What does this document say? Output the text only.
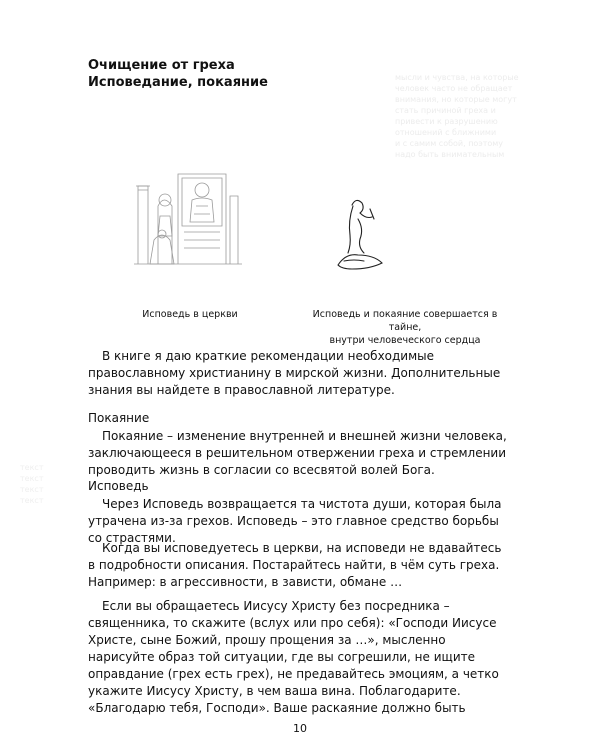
мысли и чувства, на которые
человек часто не обращает
внимания, но которые могут
стать причиной греха и
привести к разрушению
отношений с ближними
и с самим собой, поэтому
надо быть внимательным
текст
текст
текст
текст
Очищение от греха
Исповедание, покаяние
Исповедь в церкви	Исповедь и покаяние совершается в тайне,
внутри человеческого сердца

В книге я даю краткие рекомендации необходимые православному христианину в мирской жизни. Дополнительные знания вы найдете в православной литературе.

Покаяние

Покаяние – изменение внутренней и внешней жизни человека, заключающееся в решительном отвержении греха и стремлении проводить жизнь в согласии со всесвятой волей Бога.

Исповедь

Через Исповедь возвращается та чистота души, которая была утрачена из-за грехов. Исповедь – это главное средство борьбы со страстями.

Когда вы исповедуетесь в церкви, на исповеди не вдавайтесь в подробности описания. Постарайтесь найти, в чём суть греха. Например: в агрессивности, в зависти, обмане …

Если вы обращаетесь Иисусу Христу без посредника – священника, то скажите (вслух или про себя): «Господи Иисусе Христе, сыне Божий, прошу прощения за …», мысленно нарисуйте образ той ситуации, где вы согрешили, не ищите оправдание (грех есть грех), не предавайтесь эмоциям, а четко укажите Иисусу Христу, в чем ваша вина. Поблагодарите. «Благодарю тебя, Господи». Ваше раскаяние должно быть

10
